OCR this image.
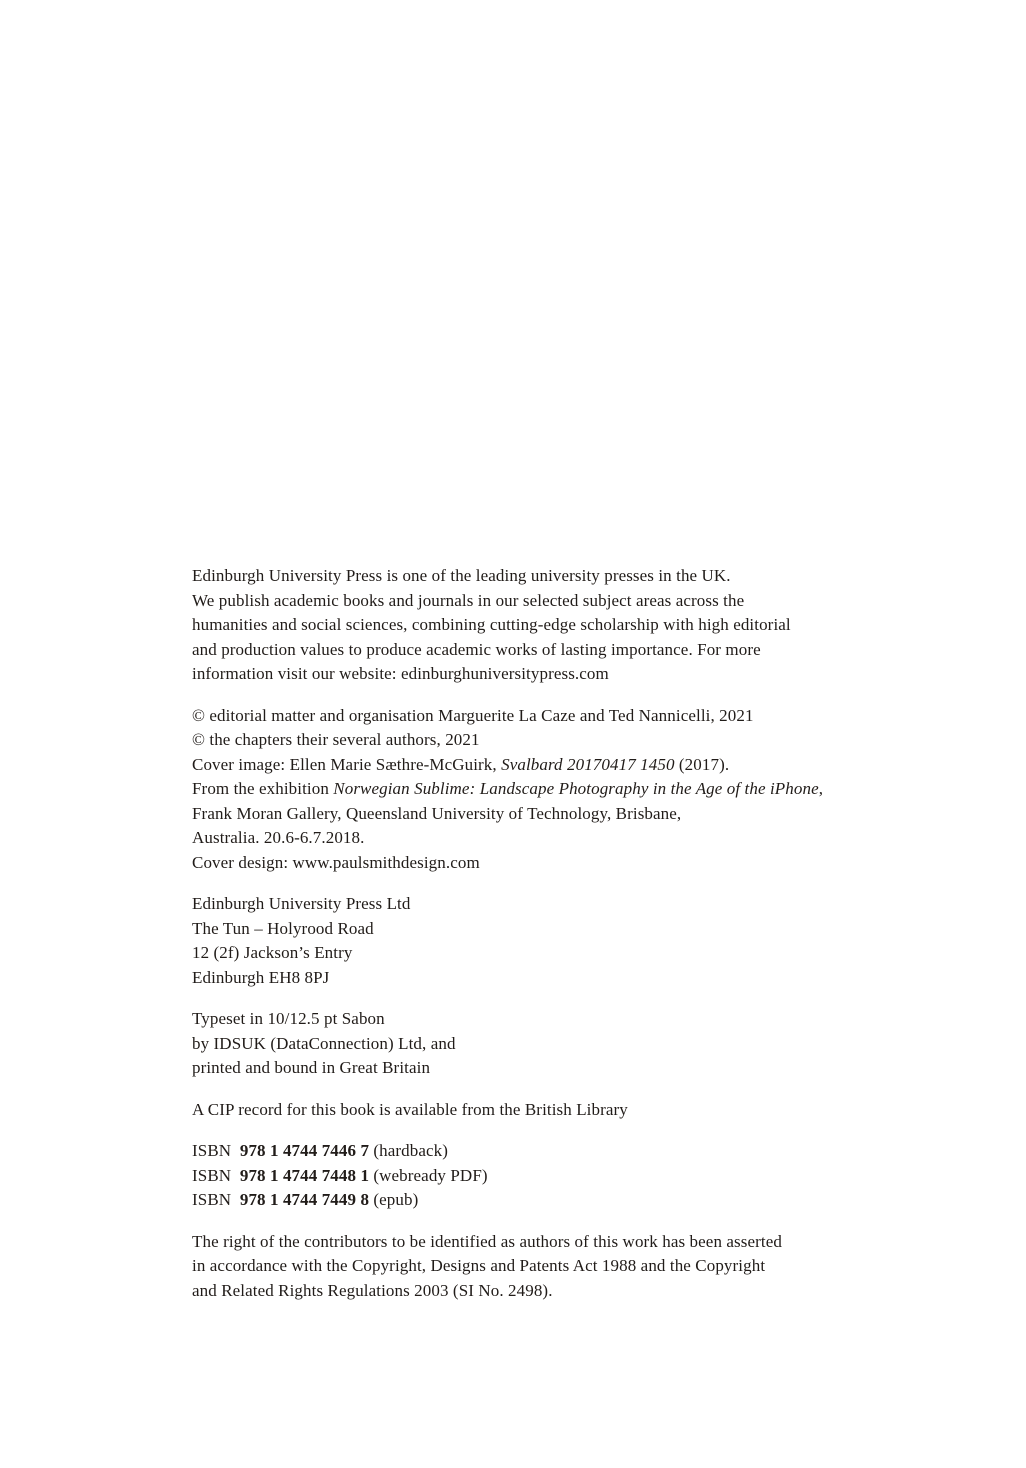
Edinburgh University Press is one of the leading university presses in the UK.
We publish academic books and journals in our selected subject areas across the
humanities and social sciences, combining cutting-edge scholarship with high editorial
and production values to produce academic works of lasting importance. For more
information visit our website: edinburghuniversitypress.com
© editorial matter and organisation Marguerite La Caze and Ted Nannicelli, 2021
© the chapters their several authors, 2021
Cover image: Ellen Marie Sæthre-McGuirk, Svalbard 20170417 1450 (2017).
From the exhibition Norwegian Sublime: Landscape Photography in the Age of the iPhone,
Frank Moran Gallery, Queensland University of Technology, Brisbane,
Australia. 20.6-6.7.2018.
Cover design: www.paulsmithdesign.com
Edinburgh University Press Ltd
The Tun – Holyrood Road
12 (2f) Jackson’s Entry
Edinburgh EH8 8PJ
Typeset in 10/12.5 pt Sabon
by IDSUK (DataConnection) Ltd, and
printed and bound in Great Britain
A CIP record for this book is available from the British Library
ISBN  978 1 4744 7446 7 (hardback)
ISBN  978 1 4744 7448 1 (webready PDF)
ISBN  978 1 4744 7449 8 (epub)
The right of the contributors to be identified as authors of this work has been asserted
in accordance with the Copyright, Designs and Patents Act 1988 and the Copyright
and Related Rights Regulations 2003 (SI No. 2498).
